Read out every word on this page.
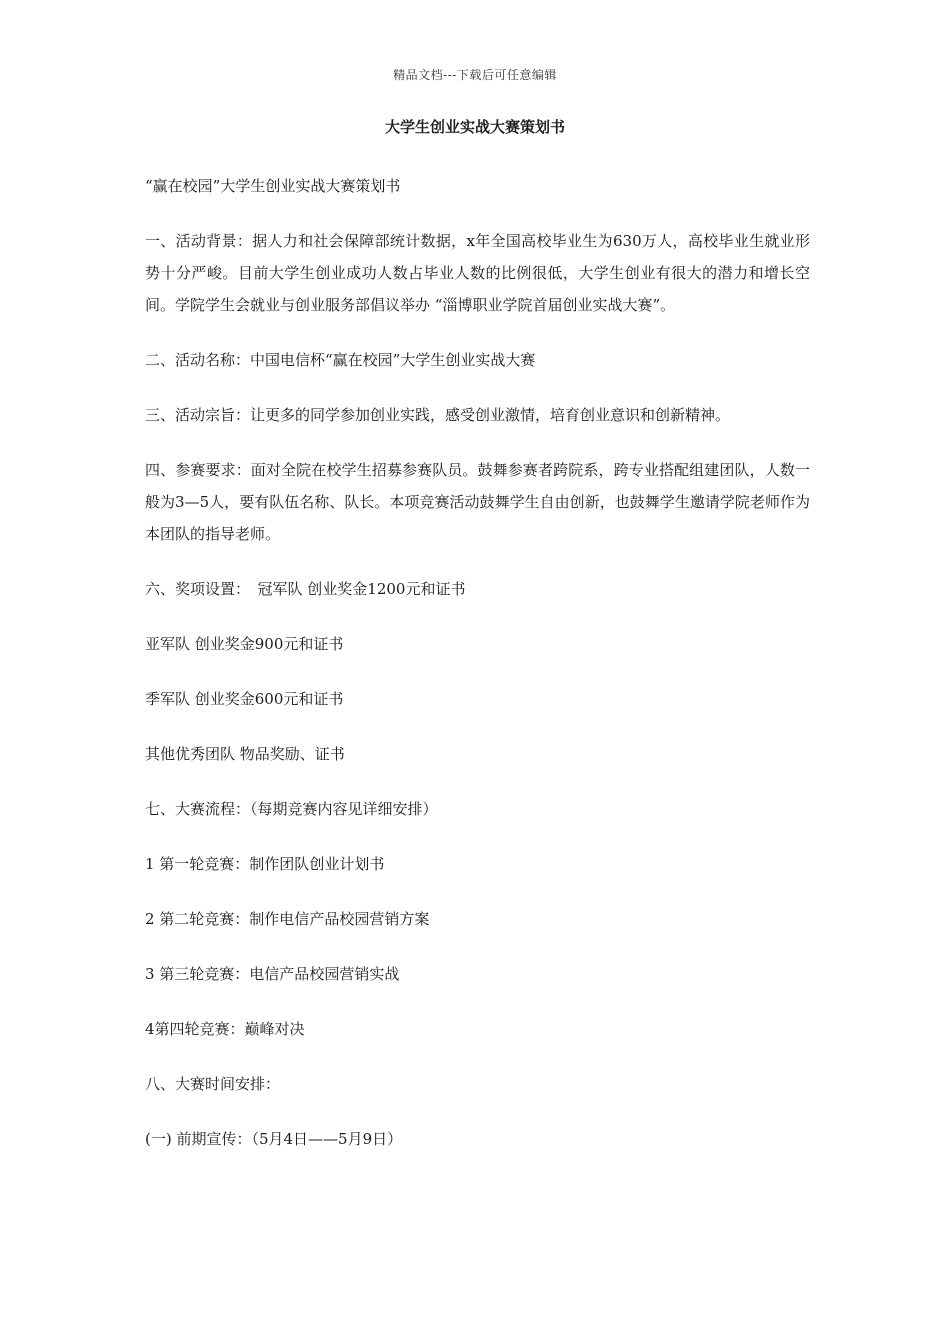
精品文档---下载后可任意编辑
大学生创业实战大赛策划书

“赢在校园”大学生创业实战大赛策划书

一、活动背景：据人力和社会保障部统计数据，x年全国高校毕业生为630万人，高校毕业生就业形势十分严峻。目前大学生创业成功人数占毕业人数的比例很低，大学生创业有很大的潜力和增长空间。学院学生会就业与创业服务部倡议举办 “淄博职业学院首届创业实战大赛”。

二、活动名称：中国电信杯“赢在校园”大学生创业实战大赛

三、活动宗旨：让更多的同学参加创业实践，感受创业激情，培育创业意识和创新精神。

四、参赛要求：面对全院在校学生招募参赛队员。鼓舞参赛者跨院系，跨专业搭配组建团队，人数一般为3—5人，要有队伍名称、队长。本项竞赛活动鼓舞学生自由创新，也鼓舞学生邀请学院老师作为本团队的指导老师。

六、奖项设置：　冠军队 创业奖金1200元和证书

亚军队 创业奖金900元和证书

季军队 创业奖金600元和证书

其他优秀团队 物品奖励、证书

七、大赛流程：（每期竞赛内容见详细安排）

1 第一轮竞赛：制作团队创业计划书

2 第二轮竞赛：制作电信产品校园营销方案

3 第三轮竞赛：电信产品校园营销实战

4第四轮竞赛：巅峰对决

八、大赛时间安排：

(一) 前期宣传：（5月4日——5月9日）
